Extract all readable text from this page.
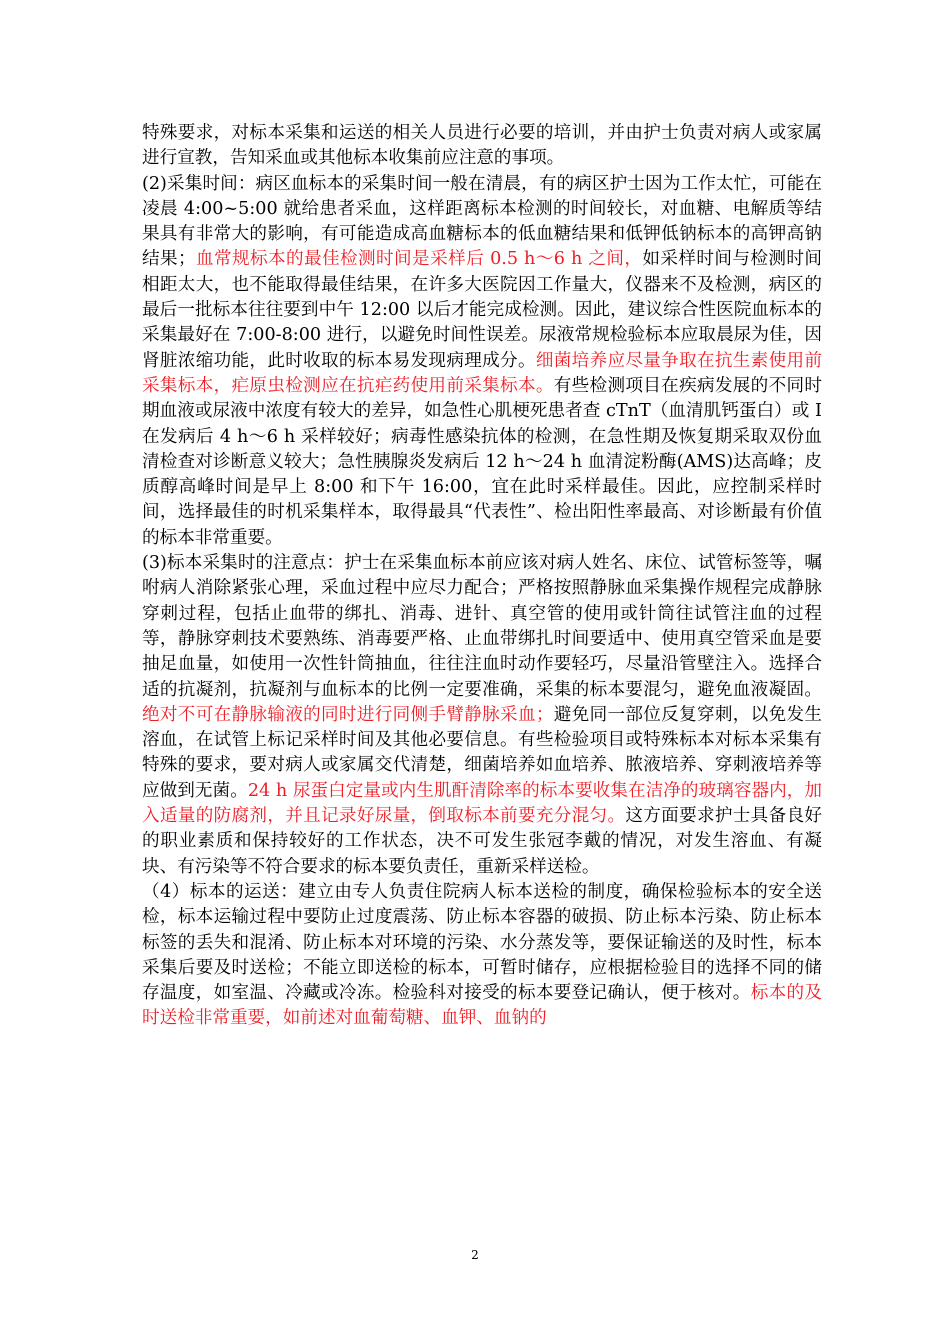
特殊要求，对标本采集和运送的相关人员进行必要的培训，并由护士负责对病人或家属进行宣教，告知采血或其他标本收集前应注意的事项。

(2)采集时间：病区血标本的采集时间一般在清晨，有的病区护士因为工作太忙，可能在凌晨 4:00~5:00 就给患者采血，这样距离标本检测的时间较长，对血糖、电解质等结果具有非常大的影响，有可能造成高血糖标本的低血糖结果和低钾低钠标本的高钾高钠结果；血常规标本的最佳检测时间是采样后 0.5 h～6 h 之间，如采样时间与检测时间相距太大，也不能取得最佳结果，在许多大医院因工作量大，仪器来不及检测，病区的最后一批标本往往要到中午 12:00 以后才能完成检测。因此，建议综合性医院血标本的采集最好在 7:00-8:00 进行，以避免时间性误差。尿液常规检验标本应取晨尿为佳，因肾脏浓缩功能，此时收取的标本易发现病理成分。细菌培养应尽量争取在抗生素使用前采集标本，疟原虫检测应在抗疟药使用前采集标本。有些检测项目在疾病发展的不同时期血液或尿液中浓度有较大的差异，如急性心肌梗死患者查 cTnT（血清肌钙蛋白）或 I 在发病后 4 h～6 h 采样较好；病毒性感染抗体的检测，在急性期及恢复期采取双份血清检查对诊断意义较大；急性胰腺炎发病后 12 h～24 h 血清淀粉酶(AMS)达高峰；皮质醇高峰时间是早上 8:00 和下午 16:00，宜在此时采样最佳。因此，应控制采样时间，选择最佳的时机采集样本，取得最具“代表性”、检出阳性率最高、对诊断最有价值的标本非常重要。

(3)标本采集时的注意点：护士在采集血标本前应该对病人姓名、床位、试管标签等，嘱咐病人消除紧张心理，采血过程中应尽力配合；严格按照静脉血采集操作规程完成静脉穿刺过程，包括止血带的绑扎、消毒、进针、真空管的使用或针筒往试管注血的过程等，静脉穿刺技术要熟练、消毒要严格、止血带绑扎时间要适中、使用真空管采血是要抽足血量，如使用一次性针筒抽血，往往注血时动作要轻巧，尽量沿管壁注入。选择合适的抗凝剂，抗凝剂与血标本的比例一定要准确，采集的标本要混匀，避免血液凝固。绝对不可在静脉输液的同时进行同侧手臂静脉采血；避免同一部位反复穿刺，以免发生溶血，在试管上标记采样时间及其他必要信息。有些检验项目或特殊标本对标本采集有特殊的要求，要对病人或家属交代清楚，细菌培养如血培养、脓液培养、穿刺液培养等应做到无菌。24 h 尿蛋白定量或内生肌酐清除率的标本要收集在洁净的玻璃容器内，加入适量的防腐剂，并且记录好尿量，倒取标本前要充分混匀。这方面要求护士具备良好的职业素质和保持较好的工作状态，决不可发生张冠李戴的情况，对发生溶血、有凝块、有污染等不符合要求的标本要负责任，重新采样送检。

（4）标本的运送：建立由专人负责住院病人标本送检的制度，确保检验标本的安全送检，标本运输过程中要防止过度震荡、防止标本容器的破损、防止标本污染、防止标本标签的丢失和混淆、防止标本对环境的污染、水分蒸发等，要保证输送的及时性，标本采集后要及时送检；不能立即送检的标本，可暂时储存，应根据检验目的选择不同的储存温度，如室温、冷藏或冷冻。检验科对接受的标本要登记确认，便于核对。标本的及时送检非常重要，如前述对血葡萄糖、血钾、血钠的

2
